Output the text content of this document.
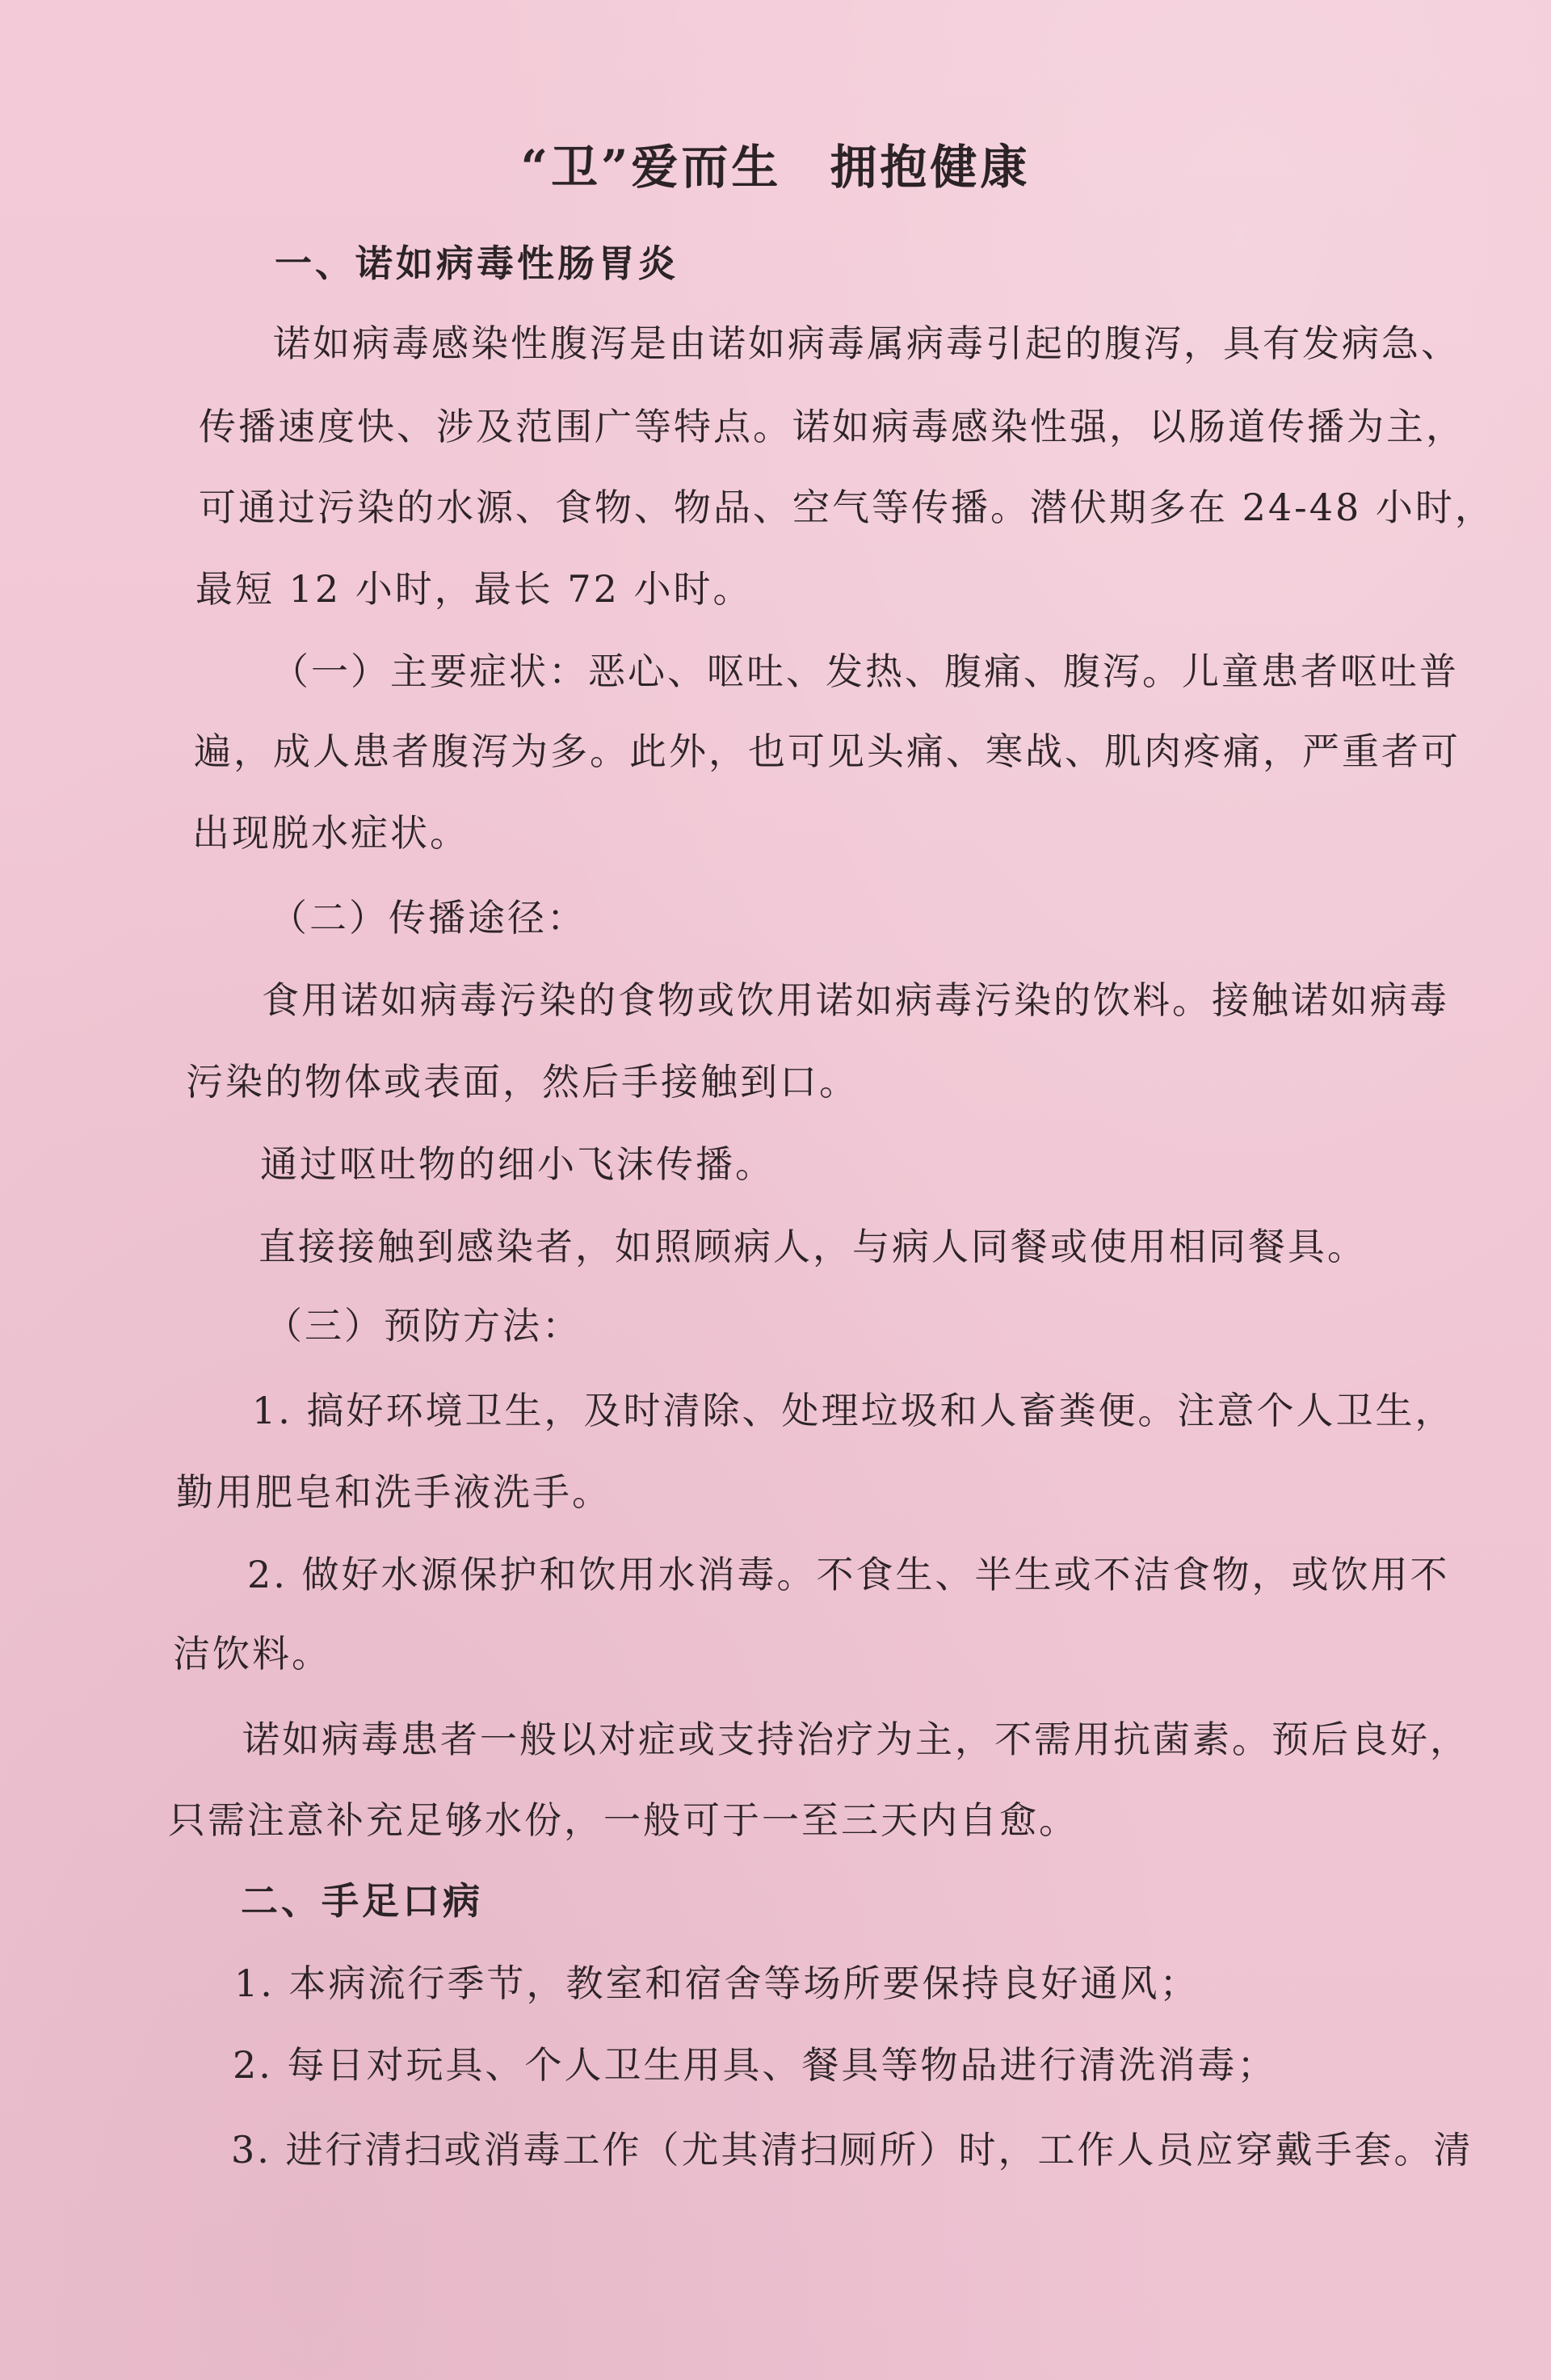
“卫”爱而生 拥抱健康
一、诺如病毒性肠胃炎
诺如病毒感染性腹泻是由诺如病毒属病毒引起的腹泻，具有发病急、
传播速度快、涉及范围广等特点。诺如病毒感染性强，以肠道传播为主，
可通过污染的水源、食物、物品、空气等传播。潜伏期多在 24-48 小时，
最短 12 小时，最长 72 小时。
（一）主要症状：恶心、呕吐、发热、腹痛、腹泻。儿童患者呕吐普
遍，成人患者腹泻为多。此外，也可见头痛、寒战、肌肉疼痛，严重者可
出现脱水症状。
（二）传播途径：
食用诺如病毒污染的食物或饮用诺如病毒污染的饮料。接触诺如病毒
污染的物体或表面，然后手接触到口。
通过呕吐物的细小飞沫传播。
直接接触到感染者，如照顾病人，与病人同餐或使用相同餐具。
（三）预防方法：
1. 搞好环境卫生，及时清除、处理垃圾和人畜粪便。注意个人卫生，
勤用肥皂和洗手液洗手。
2. 做好水源保护和饮用水消毒。不食生、半生或不洁食物，或饮用不
洁饮料。
诺如病毒患者一般以对症或支持治疗为主，不需用抗菌素。预后良好，
只需注意补充足够水份，一般可于一至三天内自愈。
二、手足口病
1. 本病流行季节，教室和宿舍等场所要保持良好通风；
2. 每日对玩具、个人卫生用具、餐具等物品进行清洗消毒；
3. 进行清扫或消毒工作（尤其清扫厕所）时，工作人员应穿戴手套。清
